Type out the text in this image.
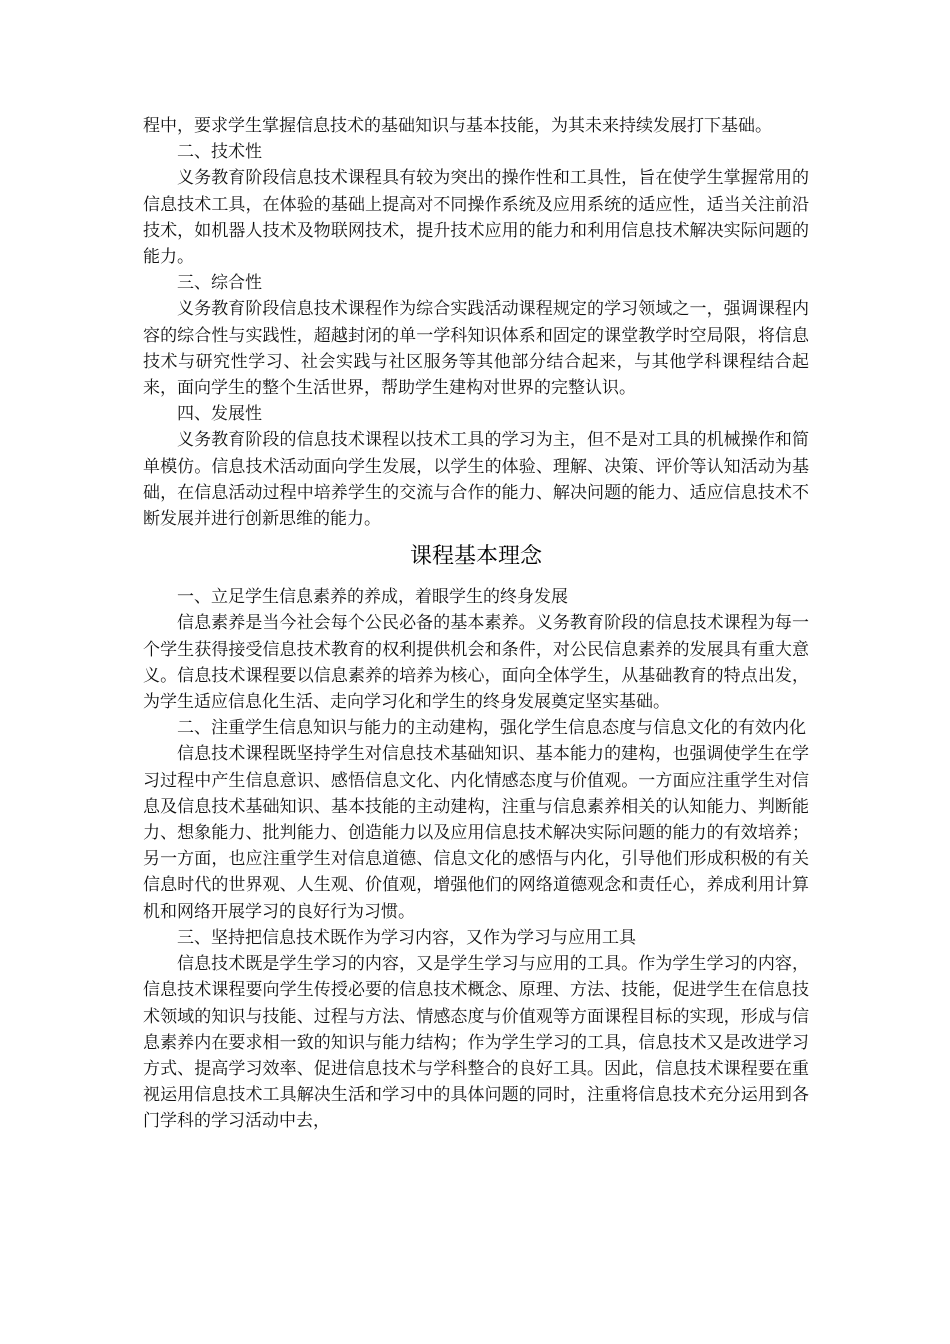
程中，要求学生掌握信息技术的基础知识与基本技能，为其未来持续发展打下基础。

二、技术性

义务教育阶段信息技术课程具有较为突出的操作性和工具性，旨在使学生掌握常用的信息技术工具，在体验的基础上提高对不同操作系统及应用系统的适应性，适当关注前沿技术，如机器人技术及物联网技术，提升技术应用的能力和利用信息技术解决实际问题的能力。

三、综合性

义务教育阶段信息技术课程作为综合实践活动课程规定的学习领域之一，强调课程内容的综合性与实践性，超越封闭的单一学科知识体系和固定的课堂教学时空局限，将信息技术与研究性学习、社会实践与社区服务等其他部分结合起来，与其他学科课程结合起来，面向学生的整个生活世界，帮助学生建构对世界的完整认识。

四、发展性

义务教育阶段的信息技术课程以技术工具的学习为主，但不是对工具的机械操作和简单模仿。信息技术活动面向学生发展，以学生的体验、理解、决策、评价等认知活动为基础，在信息活动过程中培养学生的交流与合作的能力、解决问题的能力、适应信息技术不断发展并进行创新思维的能力。

课程基本理念

一、立足学生信息素养的养成，着眼学生的终身发展

信息素养是当今社会每个公民必备的基本素养。义务教育阶段的信息技术课程为每一个学生获得接受信息技术教育的权利提供机会和条件，对公民信息素养的发展具有重大意义。信息技术课程要以信息素养的培养为核心，面向全体学生，从基础教育的特点出发，为学生适应信息化生活、走向学习化和学生的终身发展奠定坚实基础。

二、注重学生信息知识与能力的主动建构，强化学生信息态度与信息文化的有效内化

信息技术课程既坚持学生对信息技术基础知识、基本能力的建构，也强调使学生在学习过程中产生信息意识、感悟信息文化、内化情感态度与价值观。一方面应注重学生对信息及信息技术基础知识、基本技能的主动建构，注重与信息素养相关的认知能力、判断能力、想象能力、批判能力、创造能力以及应用信息技术解决实际问题的能力的有效培养；另一方面，也应注重学生对信息道德、信息文化的感悟与内化，引导他们形成积极的有关信息时代的世界观、人生观、价值观，增强他们的网络道德观念和责任心，养成利用计算机和网络开展学习的良好行为习惯。

三、坚持把信息技术既作为学习内容，又作为学习与应用工具

信息技术既是学生学习的内容，又是学生学习与应用的工具。作为学生学习的内容，信息技术课程要向学生传授必要的信息技术概念、原理、方法、技能，促进学生在信息技术领域的知识与技能、过程与方法、情感态度与价值观等方面课程目标的实现，形成与信息素养内在要求相一致的知识与能力结构；作为学生学习的工具，信息技术又是改进学习方式、提高学习效率、促进信息技术与学科整合的良好工具。因此，信息技术课程要在重视运用信息技术工具解决生活和学习中的具体问题的同时，注重将信息技术充分运用到各门学科的学习活动中去，
